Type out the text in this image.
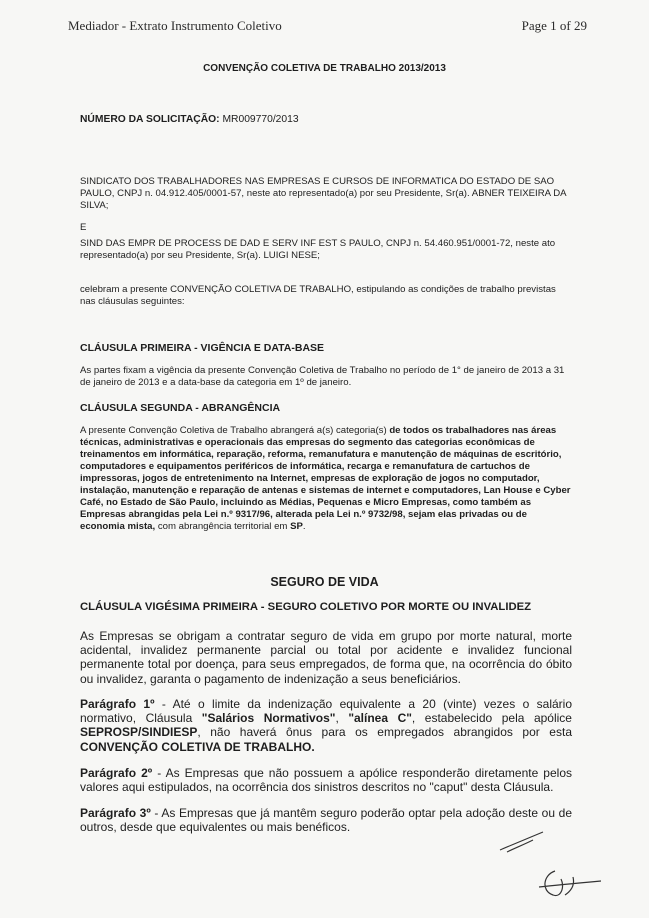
Mediador - Extrato Instrumento Coletivo	Page 1 of 29
CONVENÇÃO COLETIVA DE TRABALHO 2013/2013

NÚMERO DA SOLICITAÇÃO: MR009770/2013

SINDICATO DOS TRABALHADORES NAS EMPRESAS E CURSOS DE INFORMATICA DO ESTADO DE SAO PAULO, CNPJ n. 04.912.405/0001-57, neste ato representado(a) por seu Presidente, Sr(a). ABNER TEIXEIRA DA SILVA;

E

SIND DAS EMPR DE PROCESS DE DAD E SERV INF EST S PAULO, CNPJ n. 54.460.951/0001-72, neste ato representado(a) por seu Presidente, Sr(a). LUIGI NESE;

celebram a presente CONVENÇÃO COLETIVA DE TRABALHO, estipulando as condições de trabalho previstas nas cláusulas seguintes:

CLÁUSULA PRIMEIRA - VIGÊNCIA E DATA-BASE

As partes fixam a vigência da presente Convenção Coletiva de Trabalho no período de 1° de janeiro de 2013 a 31 de janeiro de 2013 e a data-base da categoria em 1º de janeiro.

CLÁUSULA SEGUNDA - ABRANGÊNCIA

A presente Convenção Coletiva de Trabalho abrangerá a(s) categoria(s) de todos os trabalhadores nas áreas técnicas, administrativas e operacionais das empresas do segmento das categorias econômicas de treinamentos em informática, reparação, reforma, remanufatura e manutenção de máquinas de escritório, computadores e equipamentos periféricos de informática, recarga e remanufatura de cartuchos de impressoras, jogos de entretenimento na Internet, empresas de exploração de jogos no computador, instalação, manutenção e reparação de antenas e sistemas de internet e computadores, Lan House e Cyber Café, no Estado de São Paulo, incluindo as Médias, Pequenas e Micro Empresas, como também as Empresas abrangidas pela Lei n.º 9317/96, alterada pela Lei n.º 9732/98, sejam elas privadas ou de economia mista, com abrangência territorial em SP.

SEGURO DE VIDA

CLÁUSULA VIGÉSIMA PRIMEIRA - SEGURO COLETIVO POR MORTE OU INVALIDEZ

As Empresas se obrigam a contratar seguro de vida em grupo por morte natural, morte acidental, invalidez permanente parcial ou total por acidente e invalidez funcional permanente total por doença, para seus empregados, de forma que, na ocorrência do óbito ou invalidez, garanta o pagamento de indenização a seus beneficiários.

Parágrafo 1º - Até o limite da indenização equivalente a 20 (vinte) vezes o salário normativo, Cláusula "Salários Normativos", "alínea C", estabelecido pela apólice SEPROSP/SINDIESP, não haverá ônus para os empregados abrangidos por esta CONVENÇÃO COLETIVA DE TRABALHO.

Parágrafo 2º - As Empresas que não possuem a apólice responderão diretamente pelos valores aqui estipulados, na ocorrência dos sinistros descritos no "caput" desta Cláusula.

Parágrafo 3º - As Empresas que já mantêm seguro poderão optar pela adoção deste ou de outros, desde que equivalentes ou mais benéficos.
